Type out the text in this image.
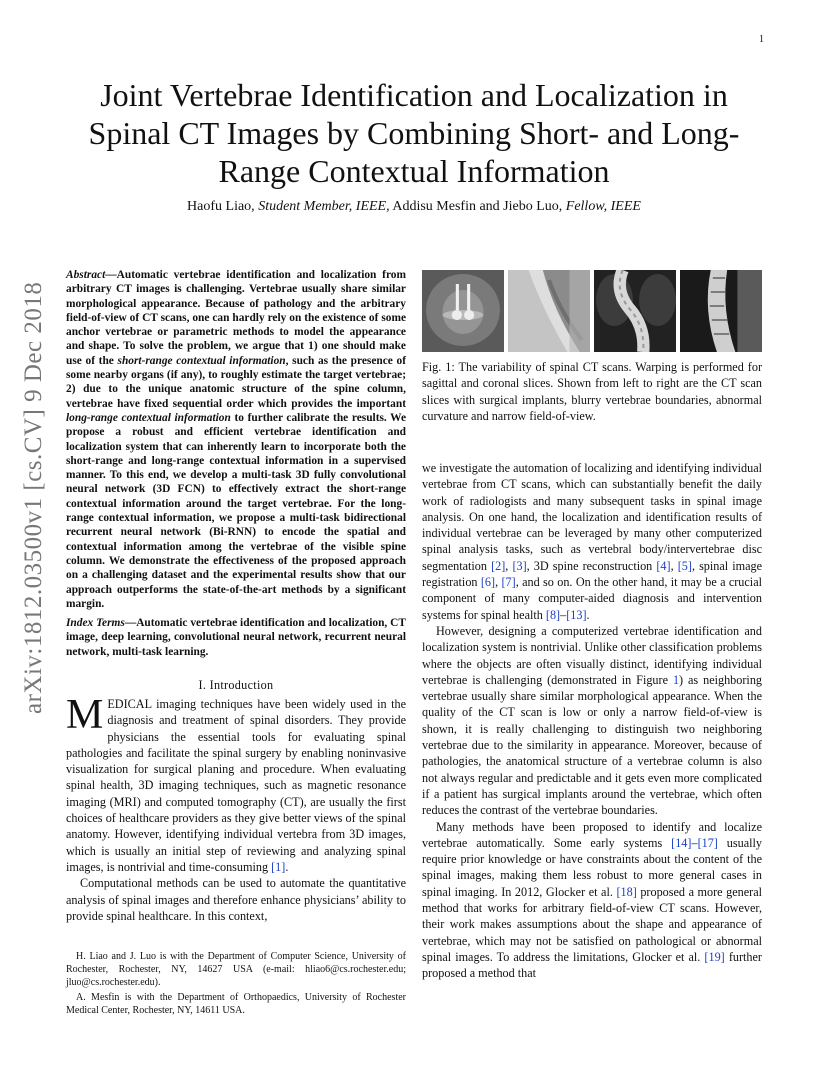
1
arXiv:1812.03500v1 [cs.CV] 9 Dec 2018
Joint Vertebrae Identification and Localization in Spinal CT Images by Combining Short- and Long-Range Contextual Information
Haofu Liao, Student Member, IEEE, Addisu Mesfin and Jiebo Luo, Fellow, IEEE
Abstract—Automatic vertebrae identification and localization from arbitrary CT images is challenging. Vertebrae usually share similar morphological appearance. Because of pathology and the arbitrary field-of-view of CT scans, one can hardly rely on the existence of some anchor vertebrae or parametric methods to model the appearance and shape. To solve the problem, we argue that 1) one should make use of the short-range contextual information, such as the presence of some nearby organs (if any), to roughly estimate the target vertebrae; 2) due to the unique anatomic structure of the spine column, vertebrae have fixed sequential order which provides the important long-range contextual information to further calibrate the results. We propose a robust and efficient vertebrae identification and localization system that can inherently learn to incorporate both the short-range and long-range contextual information in a supervised manner. To this end, we develop a multi-task 3D fully convolutional neural network (3D FCN) to effectively extract the short-range contextual information around the target vertebrae. For the long-range contextual information, we propose a multi-task bidirectional recurrent neural network (Bi-RNN) to encode the spatial and contextual information among the vertebrae of the visible spine column. We demonstrate the effectiveness of the proposed approach on a challenging dataset and the experimental results show that our approach outperforms the state-of-the-art methods by a significant margin.
Index Terms—Automatic vertebrae identification and localization, CT image, deep learning, convolutional neural network, recurrent neural network, multi-task learning.
I. Introduction

MEDICAL imaging techniques have been widely used in the diagnosis and treatment of spinal disorders. They provide physicians the essential tools for evaluating spinal pathologies and facilitate the spinal surgery by enabling noninvasive visualization for surgical planing and procedure. When evaluating spinal health, 3D imaging techniques, such as magnetic resonance imaging (MRI) and computed tomography (CT), are usually the first choices of healthcare providers as they give better views of the spinal anatomy. However, identifying individual vertebra from 3D images, which is usually an initial step of reviewing and analyzing spinal images, is nontrivial and time-consuming [1].

Computational methods can be used to automate the quantitative analysis of spinal images and therefore enhance physicians’ ability to provide spinal healthcare. In this context,

H. Liao and J. Luo is with the Department of Computer Science, University of Rochester, Rochester, NY, 14627 USA (e-mail: hliao6@cs.rochester.edu; jluo@cs.rochester.edu).

A. Mesfin is with the Department of Orthopaedics, University of Rochester Medical Center, Rochester, NY, 14611 USA.

Fig. 1: The variability of spinal CT scans. Warping is performed for sagittal and coronal slices. Shown from left to right are the CT scan slices with surgical implants, blurry vertebrae boundaries, abnormal curvature and narrow field-of-view.

we investigate the automation of localizing and identifying individual vertebrae from CT scans, which can substantially benefit the daily work of radiologists and many subsequent tasks in spinal image analysis. On one hand, the localization and identification results of individual vertebrae can be leveraged by many other computerized spinal analysis tasks, such as vertebral body/intervertebrae disc segmentation [2], [3], 3D spine reconstruction [4], [5], spinal image registration [6], [7], and so on. On the other hand, it may be a crucial component of many computer-aided diagnosis and intervention systems for spinal health [8]–[13].

However, designing a computerized vertebrae identification and localization system is nontrivial. Unlike other classification problems where the objects are often visually distinct, identifying individual vertebrae is challenging (demonstrated in Figure 1) as neighboring vertebrae usually share similar morphological appearance. When the quality of the CT scan is low or only a narrow field-of-view is shown, it is really challenging to distinguish two neighboring vertebrae due to the similarity in appearance. Moreover, because of pathologies, the anatomical structure of a vertebrae column is also not always regular and predictable and it gets even more complicated if a patient has surgical implants around the vertebrae, which often reduces the contrast of the vertebrae boundaries.

Many methods have been proposed to identify and localize vertebrae automatically. Some early systems [14]–[17] usually require prior knowledge or have constraints about the content of the spinal images, making them less robust to more general cases in spinal imaging. In 2012, Glocker et al. [18] proposed a more general method that works for arbitrary field-of-view CT scans. However, their work makes assumptions about the shape and appearance of vertebrae, which may not be satisfied on pathological or abnormal spinal images. To address the limitations, Glocker et al. [19] further proposed a method that
